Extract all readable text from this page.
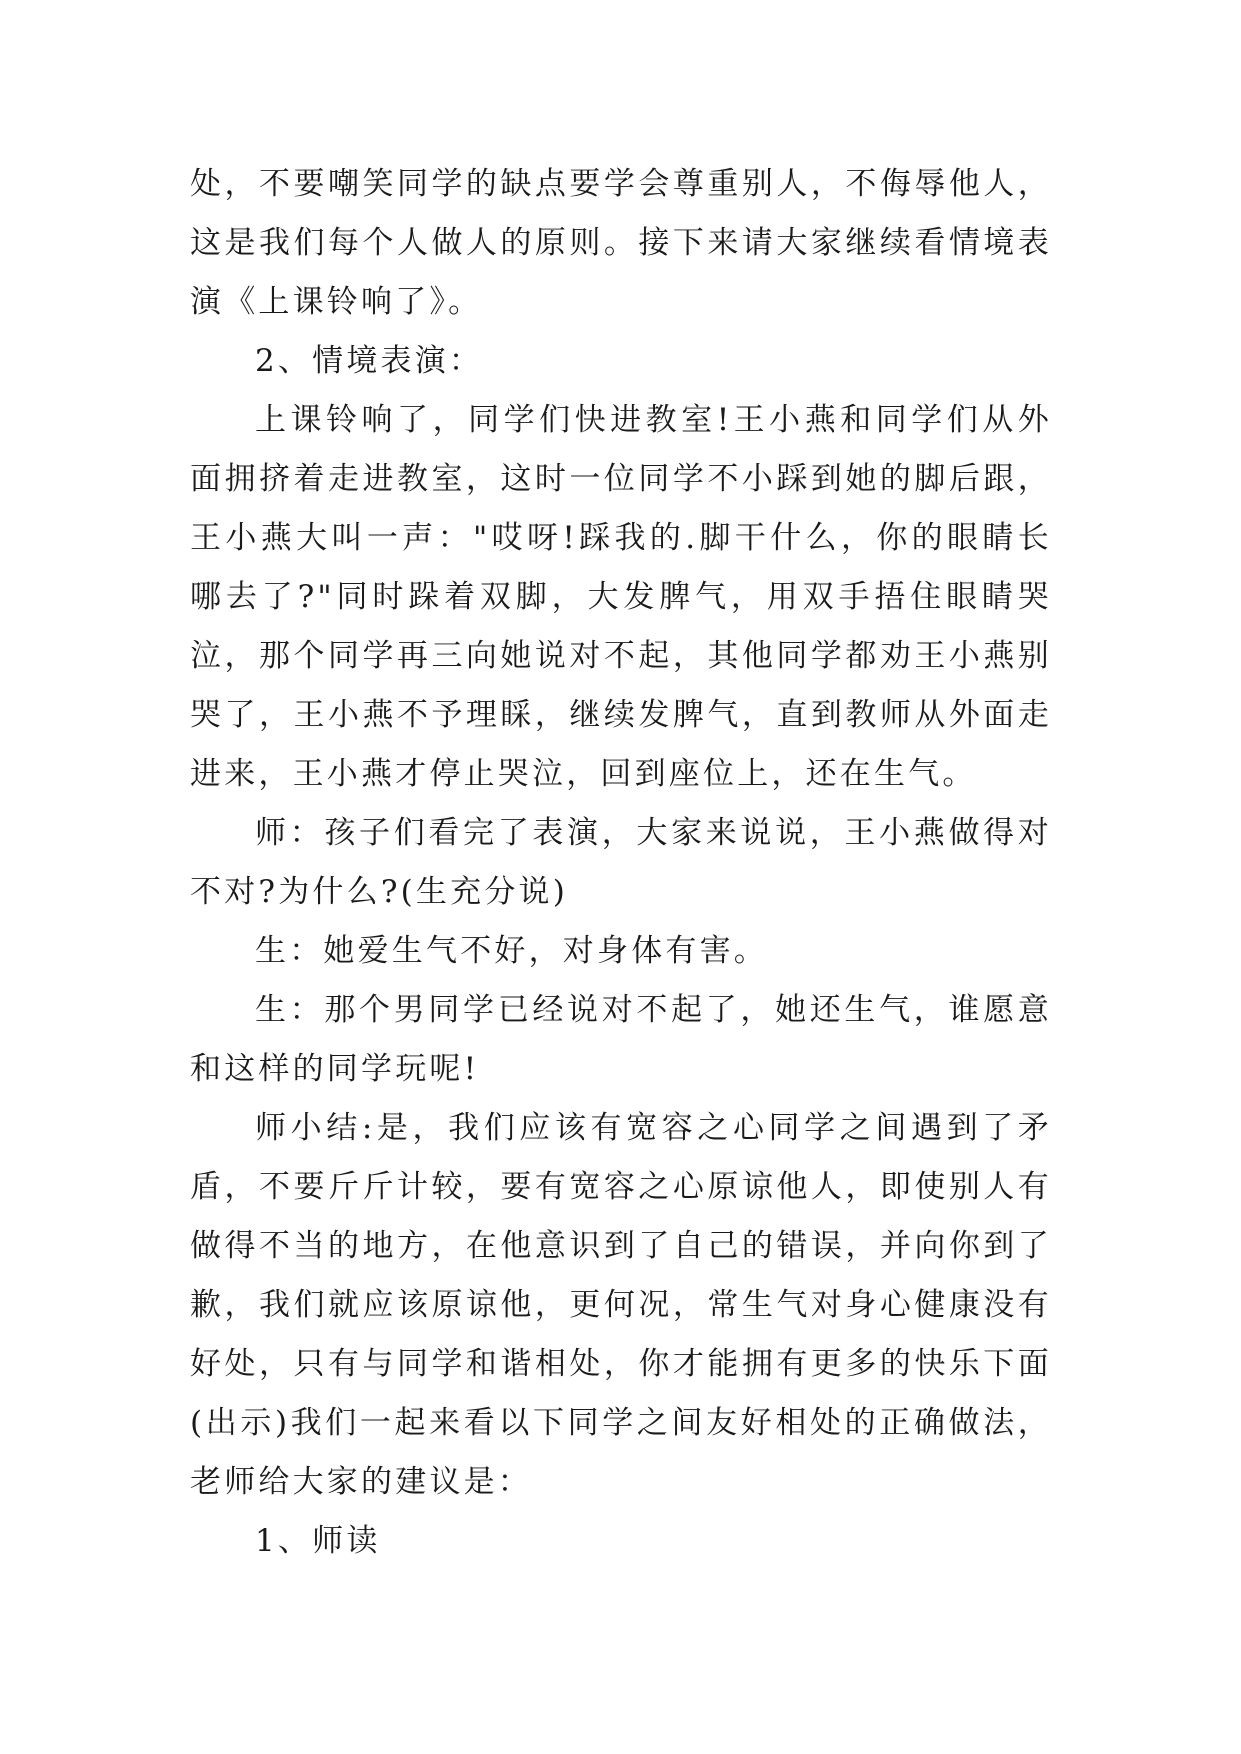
处，不要嘲笑同学的缺点要学会尊重别人，不侮辱他人，这是我们每个人做人的原则。接下来请大家继续看情境表演《上课铃响了》。

2、情境表演：

上课铃响了，同学们快进教室!王小燕和同学们从外面拥挤着走进教室，这时一位同学不小踩到她的脚后跟，王小燕大叫一声："哎呀!踩我的.脚干什么，你的眼睛长哪去了?"同时跺着双脚，大发脾气，用双手捂住眼睛哭泣，那个同学再三向她说对不起，其他同学都劝王小燕别哭了，王小燕不予理睬，继续发脾气，直到教师从外面走进来，王小燕才停止哭泣，回到座位上，还在生气。

师：孩子们看完了表演，大家来说说，王小燕做得对不对?为什么?(生充分说)

生：她爱生气不好，对身体有害。

生：那个男同学已经说对不起了，她还生气，谁愿意和这样的同学玩呢!

师小结:是，我们应该有宽容之心同学之间遇到了矛盾，不要斤斤计较，要有宽容之心原谅他人，即使别人有做得不当的地方，在他意识到了自己的错误，并向你到了歉，我们就应该原谅他，更何况，常生气对身心健康没有好处，只有与同学和谐相处，你才能拥有更多的快乐下面(出示)我们一起来看以下同学之间友好相处的正确做法，老师给大家的建议是：

1、师读
